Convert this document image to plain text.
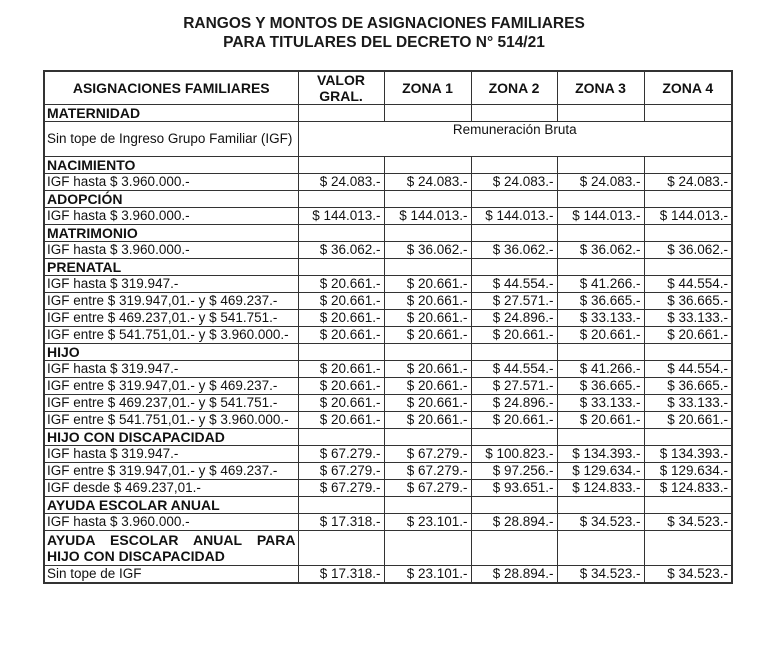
RANGOS Y MONTOS DE ASIGNACIONES FAMILIARES
PARA TITULARES DEL DECRETO N° 514/21
ASIGNACIONES FAMILIARES	VALOR GRAL.	ZONA 1	ZONA 2	ZONA 3	ZONA 4
MATERNIDAD					
Sin tope de Ingreso Grupo Familiar (IGF)	Remuneración Bruta				
NACIMIENTO					
IGF hasta $ 3.960.000.-	$ 24.083.-	$ 24.083.-	$ 24.083.-	$ 24.083.-	$ 24.083.-
ADOPCIÓN					
IGF hasta $ 3.960.000.-	$ 144.013.-	$ 144.013.-	$ 144.013.-	$ 144.013.-	$ 144.013.-
MATRIMONIO					
IGF hasta $ 3.960.000.-	$ 36.062.-	$ 36.062.-	$ 36.062.-	$ 36.062.-	$ 36.062.-
PRENATAL					
IGF hasta $ 319.947.-	$ 20.661.-	$ 20.661.-	$ 44.554.-	$ 41.266.-	$ 44.554.-
IGF entre $ 319.947,01.- y $ 469.237.-	$ 20.661.-	$ 20.661.-	$ 27.571.-	$ 36.665.-	$ 36.665.-
IGF entre $ 469.237,01.- y $ 541.751.-	$ 20.661.-	$ 20.661.-	$ 24.896.-	$ 33.133.-	$ 33.133.-
IGF entre $ 541.751,01.- y $ 3.960.000.-	$ 20.661.-	$ 20.661.-	$ 20.661.-	$ 20.661.-	$ 20.661.-
HIJO					
IGF hasta $ 319.947.-	$ 20.661.-	$ 20.661.-	$ 44.554.-	$ 41.266.-	$ 44.554.-
IGF entre $ 319.947,01.- y $ 469.237.-	$ 20.661.-	$ 20.661.-	$ 27.571.-	$ 36.665.-	$ 36.665.-
IGF entre $ 469.237,01.- y $ 541.751.-	$ 20.661.-	$ 20.661.-	$ 24.896.-	$ 33.133.-	$ 33.133.-
IGF entre $ 541.751,01.- y $ 3.960.000.-	$ 20.661.-	$ 20.661.-	$ 20.661.-	$ 20.661.-	$ 20.661.-
HIJO CON DISCAPACIDAD					
IGF hasta $ 319.947.-	$ 67.279.-	$ 67.279.-	$ 100.823.-	$ 134.393.-	$ 134.393.-
IGF entre $ 319.947,01.- y $ 469.237.-	$ 67.279.-	$ 67.279.-	$ 97.256.-	$ 129.634.-	$ 129.634.-
IGF desde $ 469.237,01.-	$ 67.279.-	$ 67.279.-	$ 93.651.-	$ 124.833.-	$ 124.833.-
AYUDA ESCOLAR ANUAL					
IGF hasta $ 3.960.000.-	$ 17.318.-	$ 23.101.-	$ 28.894.-	$ 34.523.-	$ 34.523.-
AYUDA ESCOLAR ANUAL PARA HIJO CON DISCAPACIDAD					
Sin tope de IGF	$ 17.318.-	$ 23.101.-	$ 28.894.-	$ 34.523.-	$ 34.523.-
